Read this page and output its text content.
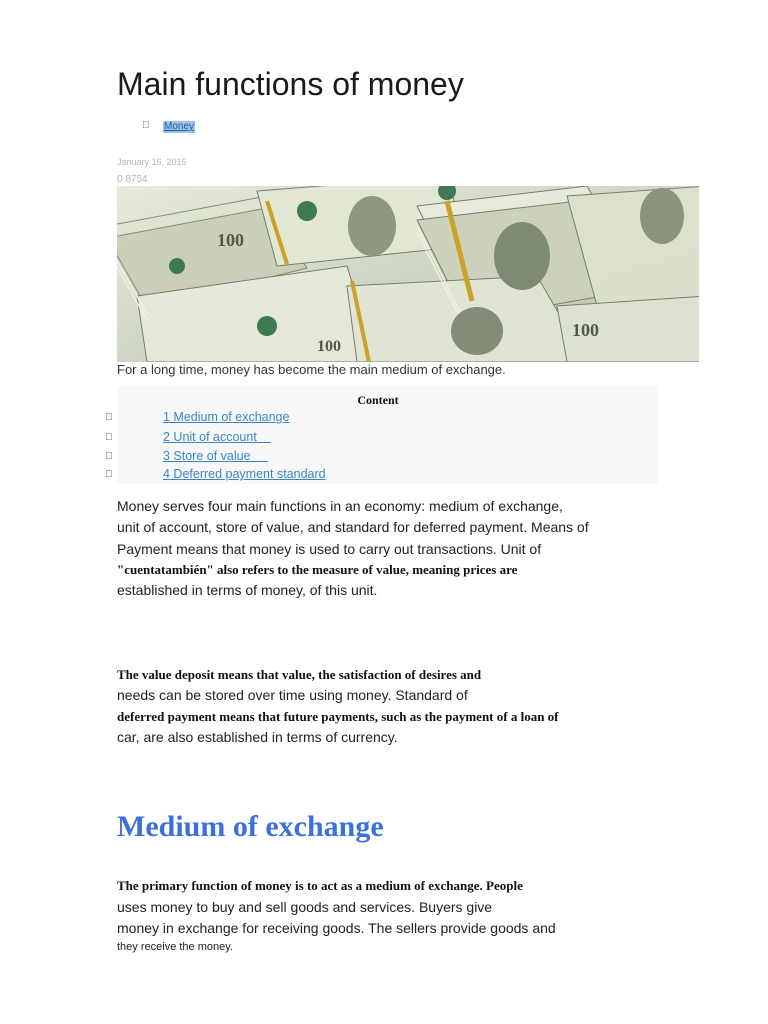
Main functions of money
Money
January 16, 2015
0 8754
100
100
100
For a long time, money has become the main medium of exchange.
Content
1 Medium of exchange
2 Unit of account
3 Store of value
4 Deferred payment standard
Money serves four main functions in an economy: medium of exchange,
unit of account, store of value, and standard for deferred payment. Means of
Payment means that money is used to carry out transactions. Unit of
"cuentatambién" also refers to the measure of value, meaning prices are
established in terms of money, of this unit.
The value deposit means that value, the satisfaction of desires and
needs can be stored over time using money. Standard of
deferred payment means that future payments, such as the payment of a loan of
car, are also established in terms of currency.
Medium of exchange
The primary function of money is to act as a medium of exchange. People
uses money to buy and sell goods and services. Buyers give
money in exchange for receiving goods. The sellers provide goods and
they receive the money.
